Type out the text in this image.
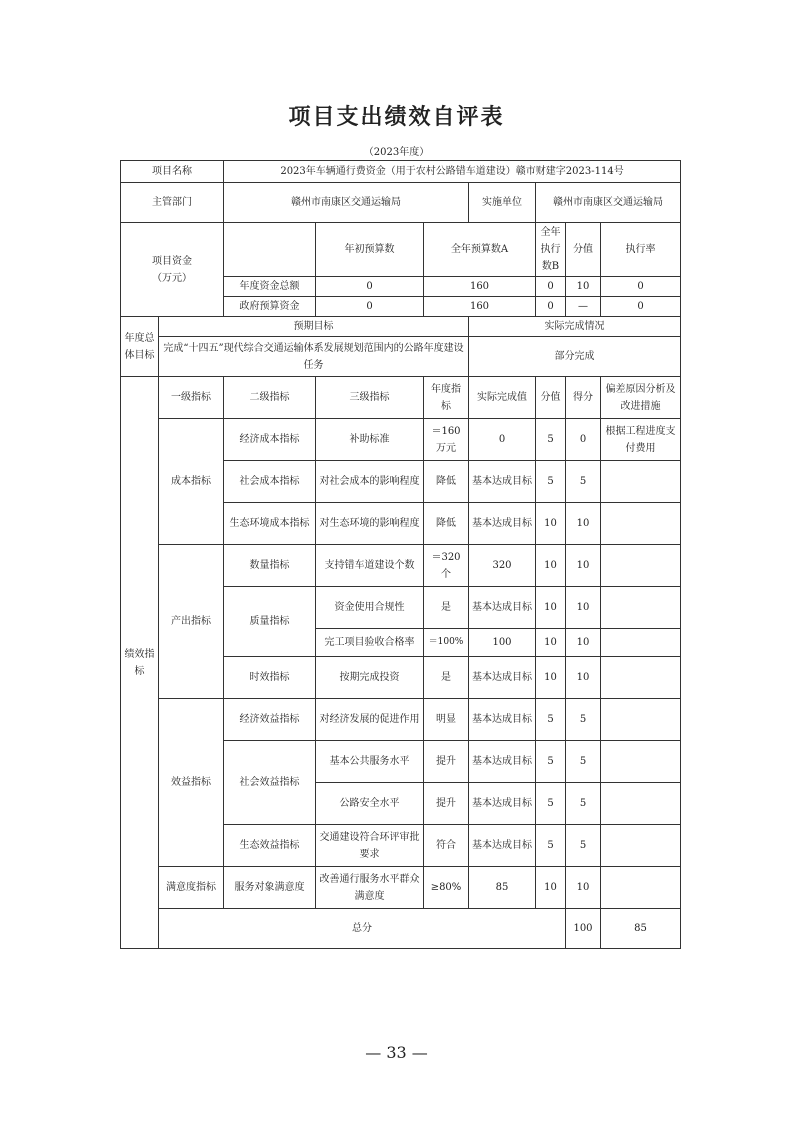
项目支出绩效自评表
（2023年度）
项目名称		2023年车辆通行费资金（用于农村公路错车道建设）赣市财建字2023-114号							
主管部门		赣州市南康区交通运输局			实施单位	赣州市南康区交通运输局			

项目资金
（万元）			年初预算数	全年预算数A		全年执行数B	分值	执行率	
		年度资金总额	0	160		0	10	0	
		政府预算资金	0	160		0	—	0	
年度总体目标	预期目标				实际完成情况				
	完成“十四五”现代综合交通运输体系发展规划范围内的公路年度建设任务				部分完成				
绩效指标	一级指标	二级指标	三级指标	年度指标	实际完成值	分值	得分	偏差原因分析及改进措施	
	成本指标	经济成本指标	补助标准	＝160万元	0	5	0	根据工程进度支付费用	
		社会成本指标	对社会成本的影响程度	降低	基本达成目标	5	5		
		生态环境成本指标	对生态环境的影响程度	降低	基本达成目标	10	10		
	产出指标	数量指标	支持错车道建设个数	＝320个	320	10	10		
		质量指标	资金使用合规性	是	基本达成目标	10	10		
			完工项目验收合格率	＝100%	100	10	10		
		时效指标	按期完成投资	是	基本达成目标	10	10		
	效益指标	经济效益指标	对经济发展的促进作用	明显	基本达成目标	5	5		
		社会效益指标	基本公共服务水平	提升	基本达成目标	5	5		
			公路安全水平	提升	基本达成目标	5	5		
		生态效益指标	交通建设符合环评审批要求	符合	基本达成目标	5	5		
	满意度指标	服务对象满意度	改善通行服务水平群众满意度	≥80%	85	10	10		
	总分						100	85	
— 33 —
